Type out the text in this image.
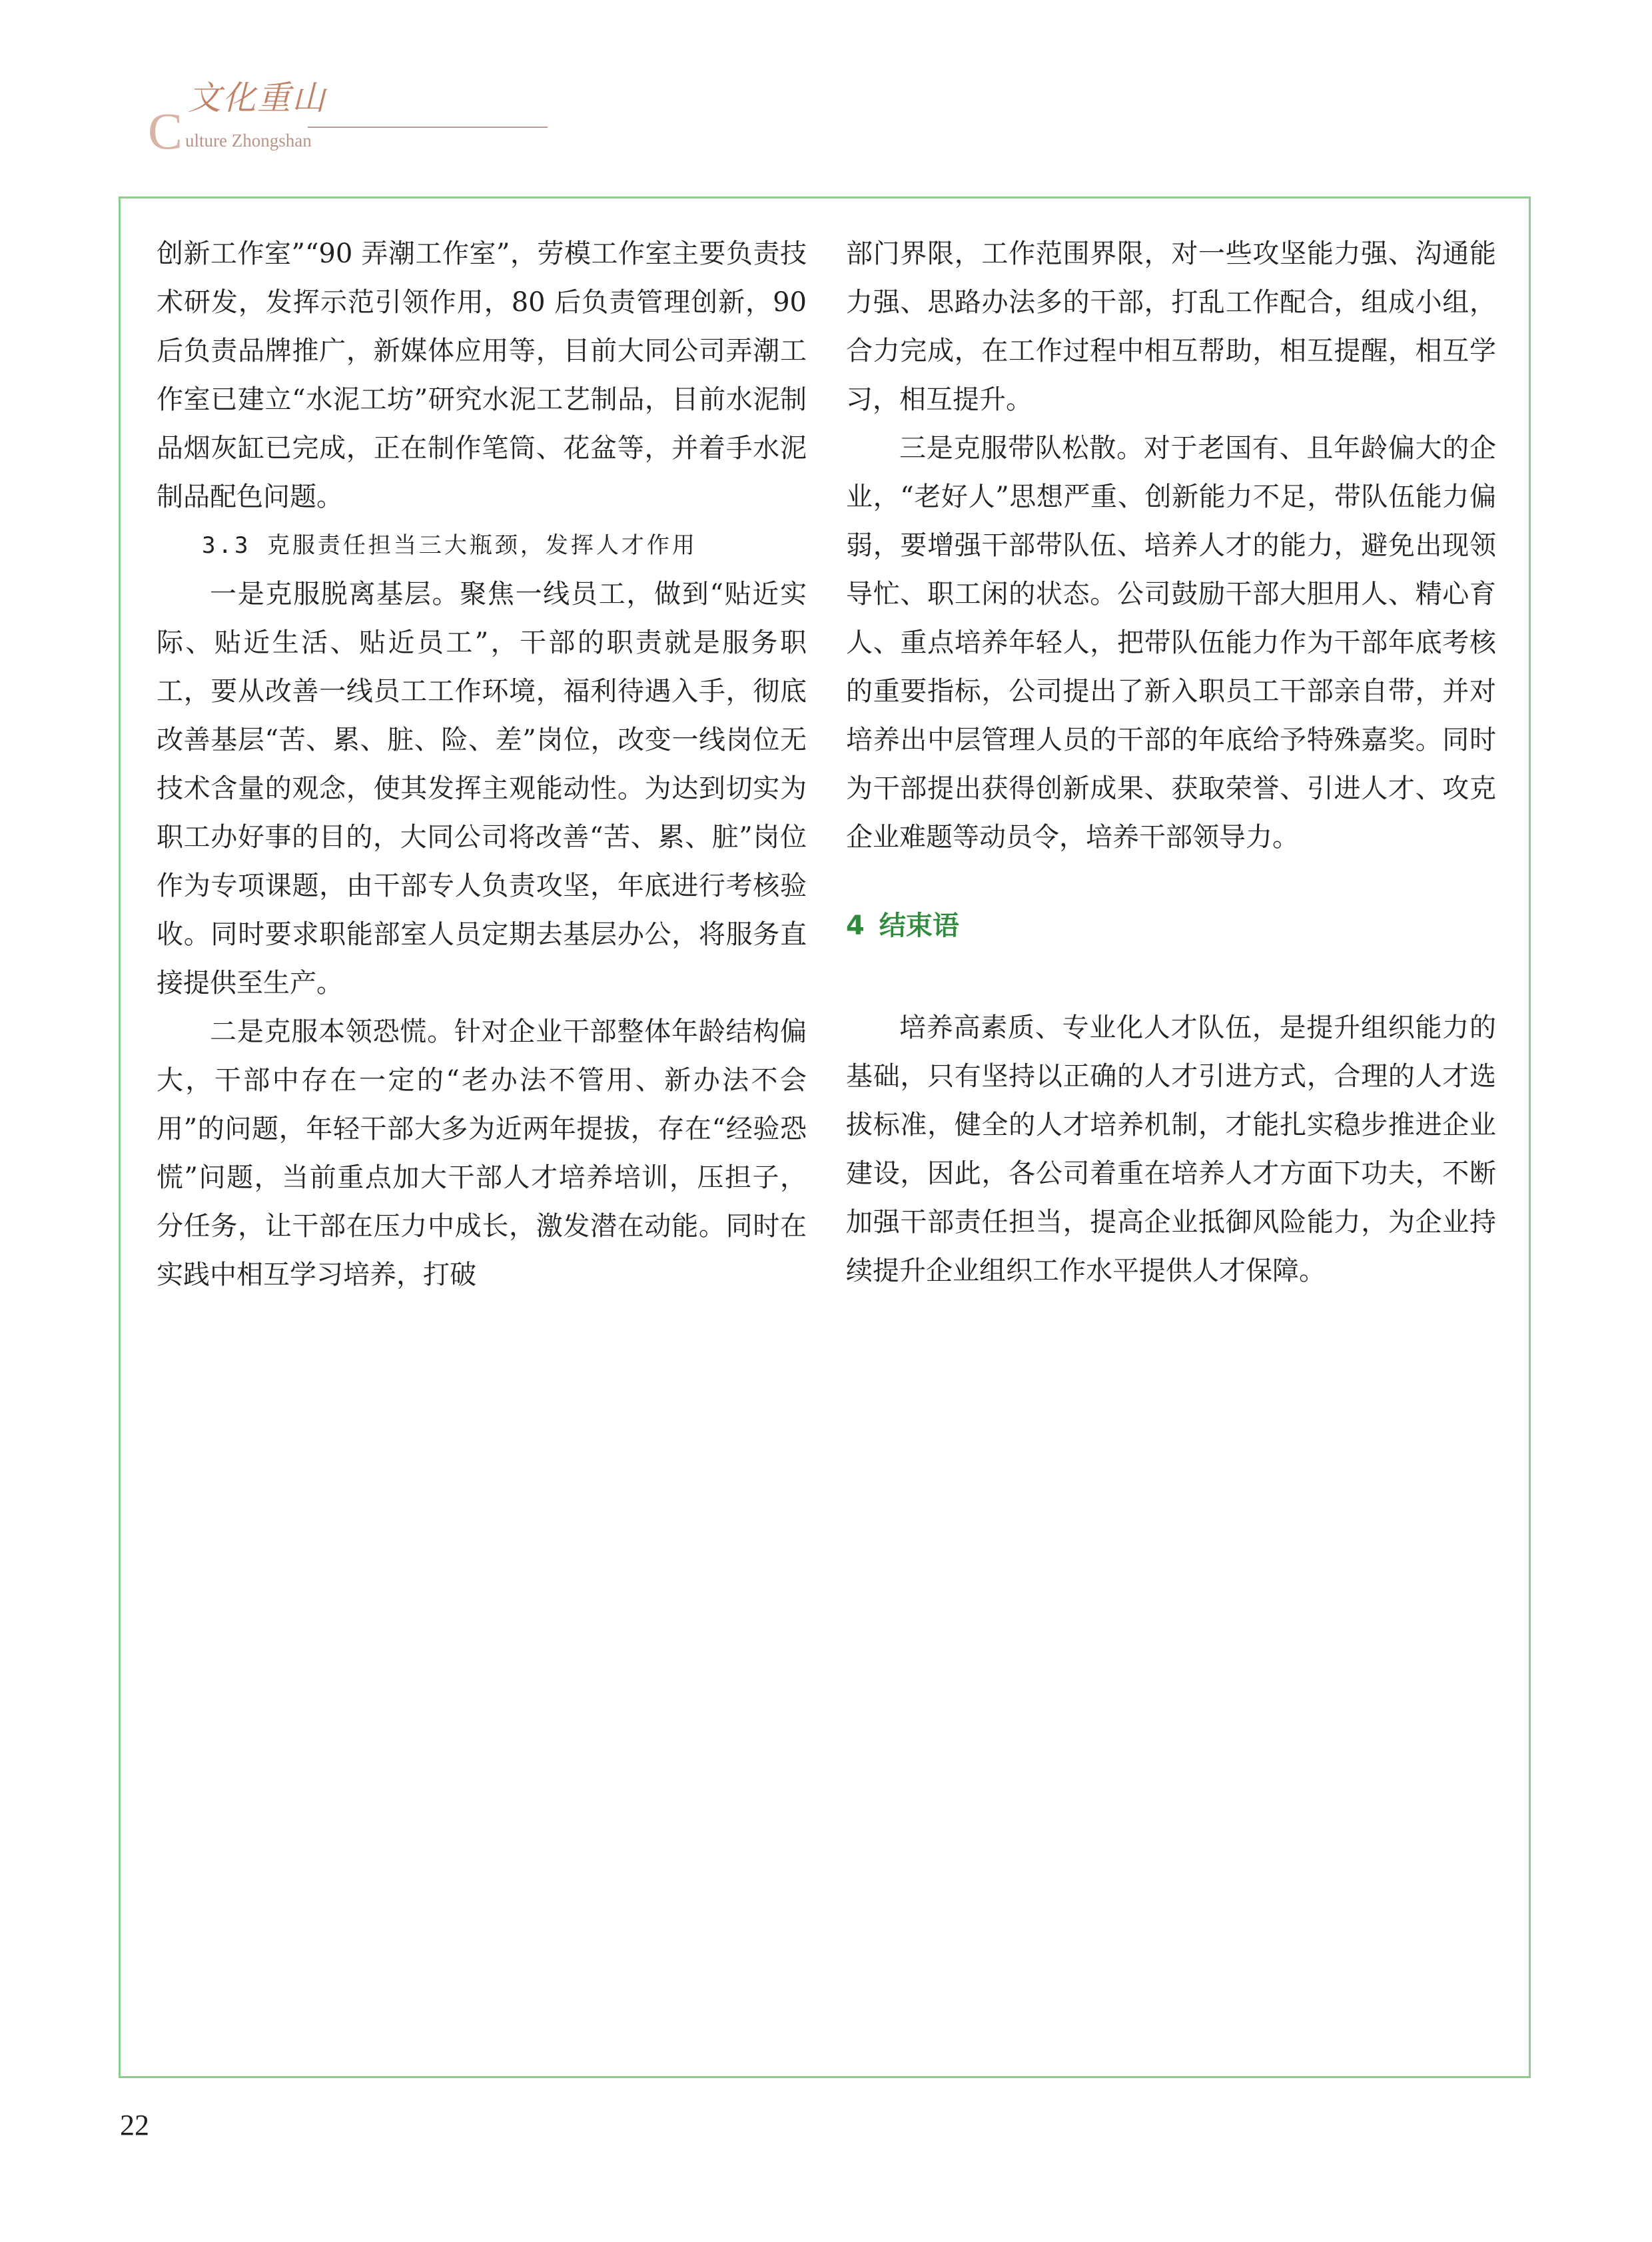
C
文化重山
ulture Zhongshan

创新工作室”“90 弄潮工作室”，劳模工作室主要负责技术研发，发挥示范引领作用，80 后负责管理创新，90 后负责品牌推广，新媒体应用等，目前大同公司弄潮工作室已建立“水泥工坊”研究水泥工艺制品，目前水泥制品烟灰缸已完成，正在制作笔筒、花盆等，并着手水泥制品配色问题。

3.3 克服责任担当三大瓶颈，发挥人才作用

一是克服脱离基层。聚焦一线员工，做到“贴近实际、贴近生活、贴近员工”，干部的职责就是服务职工，要从改善一线员工工作环境，福利待遇入手，彻底改善基层“苦、累、脏、险、差”岗位，改变一线岗位无技术含量的观念，使其发挥主观能动性。为达到切实为职工办好事的目的，大同公司将改善“苦、累、脏”岗位作为专项课题，由干部专人负责攻坚，年底进行考核验收。同时要求职能部室人员定期去基层办公，将服务直接提供至生产。

二是克服本领恐慌。针对企业干部整体年龄结构偏大，干部中存在一定的“老办法不管用、新办法不会用”的问题，年轻干部大多为近两年提拔，存在“经验恐慌”问题，当前重点加大干部人才培养培训，压担子，分任务，让干部在压力中成长，激发潜在动能。同时在实践中相互学习培养，打破

部门界限，工作范围界限，对一些攻坚能力强、沟通能力强、思路办法多的干部，打乱工作配合，组成小组，合力完成，在工作过程中相互帮助，相互提醒，相互学习，相互提升。

三是克服带队松散。对于老国有、且年龄偏大的企业，“老好人”思想严重、创新能力不足，带队伍能力偏弱，要增强干部带队伍、培养人才的能力，避免出现领导忙、职工闲的状态。公司鼓励干部大胆用人、精心育人、重点培养年轻人，把带队伍能力作为干部年底考核的重要指标，公司提出了新入职员工干部亲自带，并对培养出中层管理人员的干部的年底给予特殊嘉奖。同时为干部提出获得创新成果、获取荣誉、引进人才、攻克企业难题等动员令，培养干部领导力。

4 结束语

培养高素质、专业化人才队伍，是提升组织能力的基础，只有坚持以正确的人才引进方式，合理的人才选拔标准，健全的人才培养机制，才能扎实稳步推进企业建设，因此，各公司着重在培养人才方面下功夫，不断加强干部责任担当，提高企业抵御风险能力，为企业持续提升企业组织工作水平提供人才保障。

22
